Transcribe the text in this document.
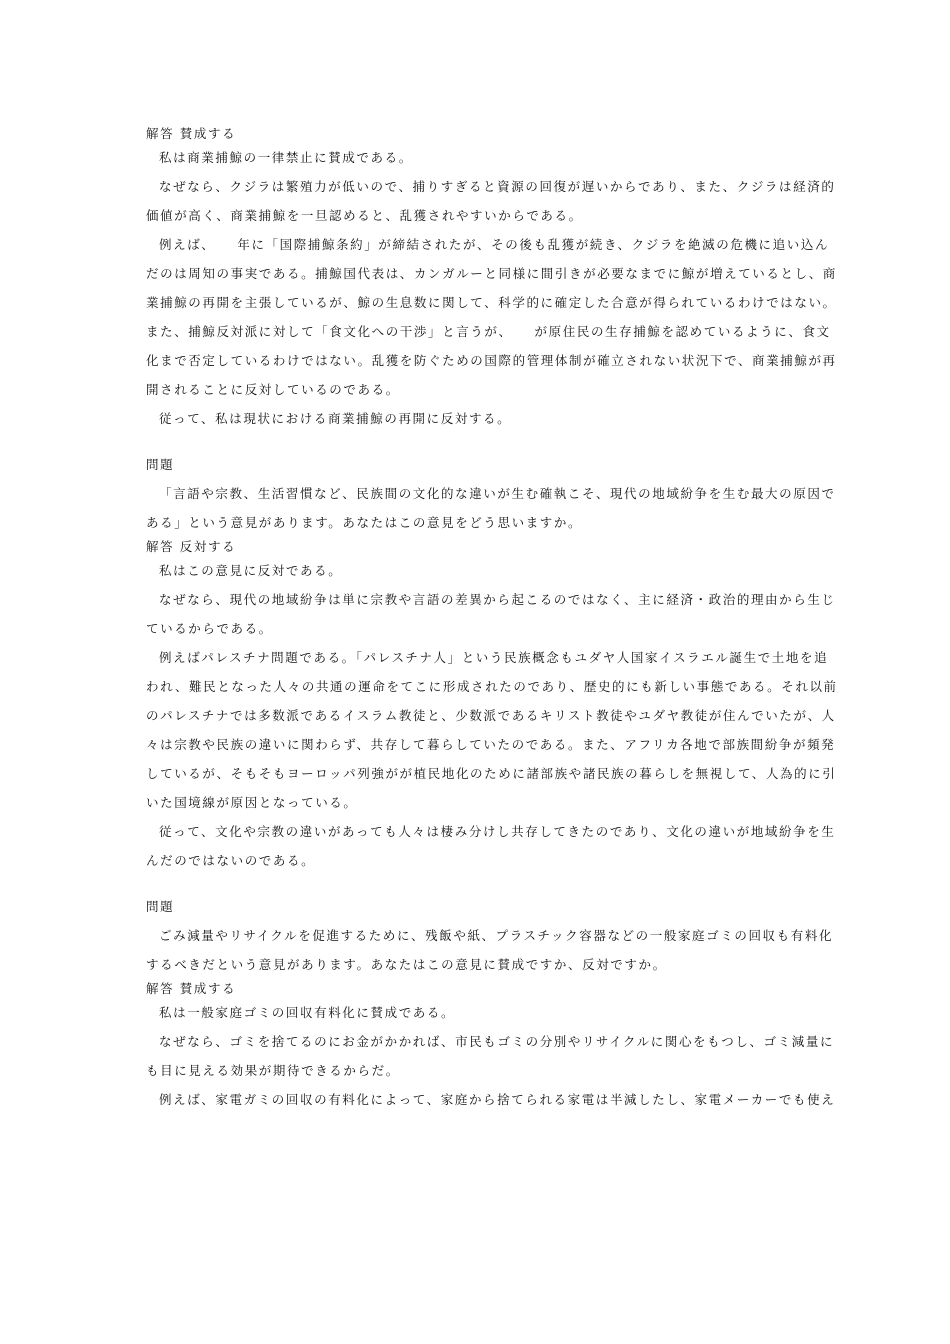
解答 賛成する
私は商業捕鯨の一律禁止に賛成である。
なぜなら、クジラは繁殖力が低いので、捕りすぎると資源の回復が遅いからであり、また、クジラは経済的
価値が高く、商業捕鯨を一旦認めると、乱獲されやすいからである。
例えば、　　年に「国際捕鯨条約」が締結されたが、その後も乱獲が続き、クジラを絶滅の危機に追い込ん
だのは周知の事実である。捕鯨国代表は、カンガルーと同様に間引きが必要なまでに鯨が増えているとし、商
業捕鯨の再開を主張しているが、鯨の生息数に関して、科学的に確定した合意が得られているわけではない。
また、捕鯨反対派に対して「食文化への干渉」と言うが、　　が原住民の生存捕鯨を認めているように、食文
化まで否定しているわけではない。乱獲を防ぐための国際的管理体制が確立されない状況下で、商業捕鯨が再
開されることに反対しているのである。
従って、私は現状における商業捕鯨の再開に反対する。
問題
「言語や宗教、生活習慣など、民族間の文化的な違いが生む確執こそ、現代の地域紛争を生む最大の原因で
ある」という意見があります。あなたはこの意見をどう思いますか。
解答 反対する
私はこの意見に反対である。
なぜなら、現代の地域紛争は単に宗教や言語の差異から起こるのではなく、主に経済・政治的理由から生じ
ているからである。
例えばパレスチナ問題である。「パレスチナ人」という民族概念もユダヤ人国家イスラエル誕生で土地を追
われ、難民となった人々の共通の運命をてこに形成されたのであり、歴史的にも新しい事態である。それ以前
のパレスチナでは多数派であるイスラム教徒と、少数派であるキリスト教徒やユダヤ教徒が住んでいたが、人
々は宗教や民族の違いに関わらず、共存して暮らしていたのである。また、アフリカ各地で部族間紛争が頻発
しているが、そもそもヨーロッパ列強がが植民地化のために諸部族や諸民族の暮らしを無視して、人為的に引
いた国境線が原因となっている。
従って、文化や宗教の違いがあっても人々は棲み分けし共存してきたのであり、文化の違いが地域紛争を生
んだのではないのである。
問題
ごみ減量やリサイクルを促進するために、残飯や紙、プラスチック容器などの一般家庭ゴミの回収も有料化
するべきだという意見があります。あなたはこの意見に賛成ですか、反対ですか。
解答 賛成する
私は一般家庭ゴミの回収有料化に賛成である。
なぜなら、ゴミを捨てるのにお金がかかれば、市民もゴミの分別やリサイクルに関心をもつし、ゴミ減量に
も目に見える効果が期待できるからだ。
例えば、家電ガミの回収の有料化によって、家庭から捨てられる家電は半減したし、家電メーカーでも使え
